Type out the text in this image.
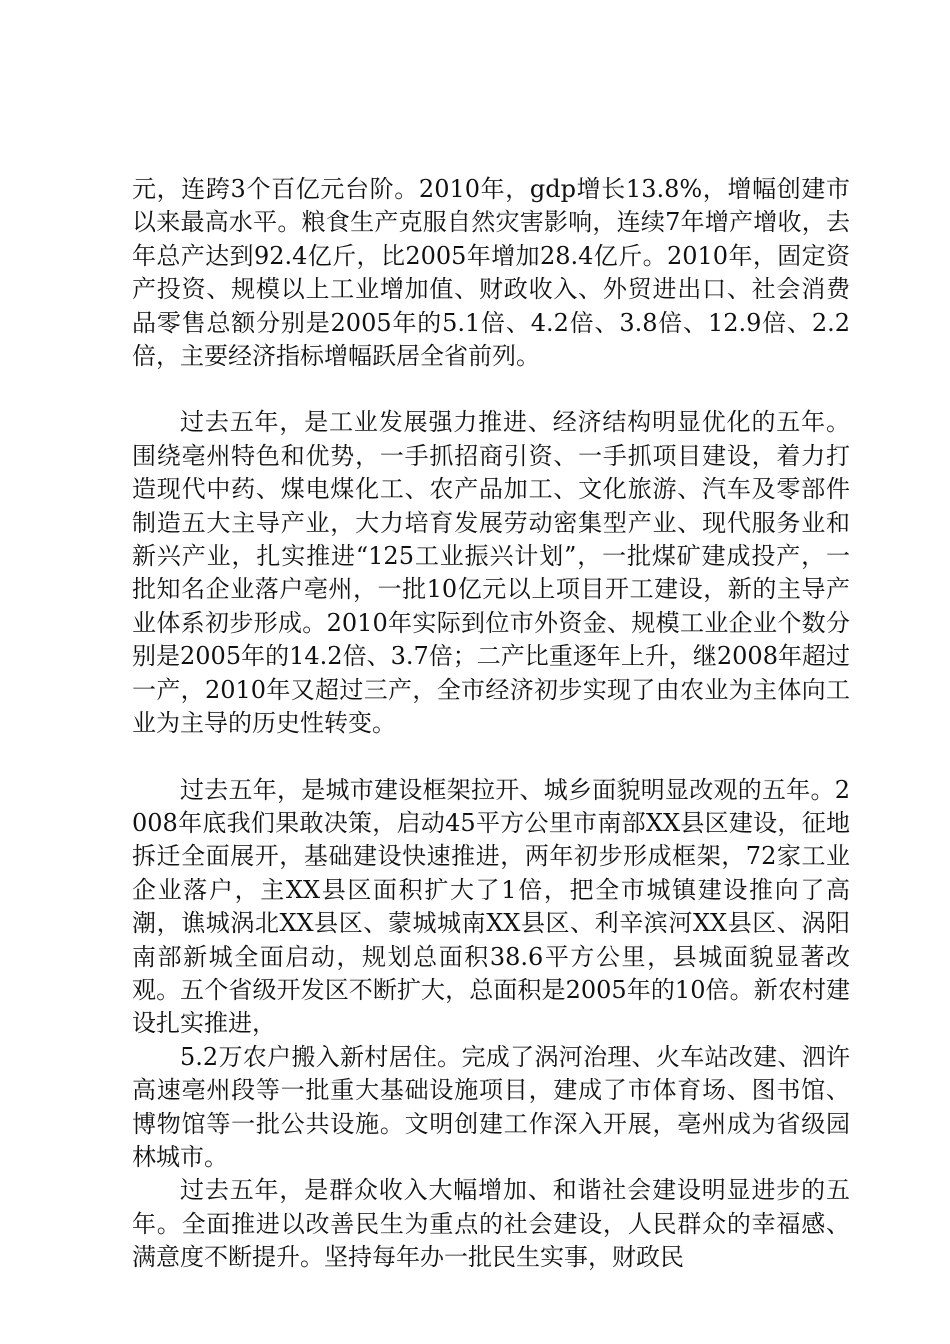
元，连跨3个百亿元台阶。2010年，gdp增长13.8%，增幅创建市以来最高水平。粮食生产克服自然灾害影响，连续7年增产增收，去年总产达到92.4亿斤，比2005年增加28.4亿斤。2010年，固定资产投资、规模以上工业增加值、财政收入、外贸进出口、社会消费品零售总额分别是2005年的5.1倍、4.2倍、3.8倍、12.9倍、2.2倍，主要经济指标增幅跃居全省前列。

过去五年，是工业发展强力推进、经济结构明显优化的五年。围绕亳州特色和优势，一手抓招商引资、一手抓项目建设，着力打造现代中药、煤电煤化工、农产品加工、文化旅游、汽车及零部件制造五大主导产业，大力培育发展劳动密集型产业、现代服务业和新兴产业，扎实推进“125工业振兴计划”，一批煤矿建成投产，一批知名企业落户亳州，一批10亿元以上项目开工建设，新的主导产业体系初步形成。2010年实际到位市外资金、规模工业企业个数分别是2005年的14.2倍、3.7倍；二产比重逐年上升，继2008年超过一产，2010年又超过三产，全市经济初步实现了由农业为主体向工业为主导的历史性转变。

过去五年，是城市建设框架拉开、城乡面貌明显改观的五年。2008年底我们果敢决策，启动45平方公里市南部XX县区建设，征地拆迁全面展开，基础建设快速推进，两年初步形成框架，72家工业企业落户，主XX县区面积扩大了1倍，把全市城镇建设推向了高潮，谯城涡北XX县区、蒙城城南XX县区、利辛滨河XX县区、涡阳南部新城全面启动，规划总面积38.6平方公里，县城面貌显著改观。五个省级开发区不断扩大，总面积是2005年的10倍。新农村建设扎实推进，

5.2万农户搬入新村居住。完成了涡河治理、火车站改建、泗许高速亳州段等一批重大基础设施项目，建成了市体育场、图书馆、博物馆等一批公共设施。文明创建工作深入开展，亳州成为省级园林城市。

过去五年，是群众收入大幅增加、和谐社会建设明显进步的五年。全面推进以改善民生为重点的社会建设，人民群众的幸福感、满意度不断提升。坚持每年办一批民生实事，财政民
